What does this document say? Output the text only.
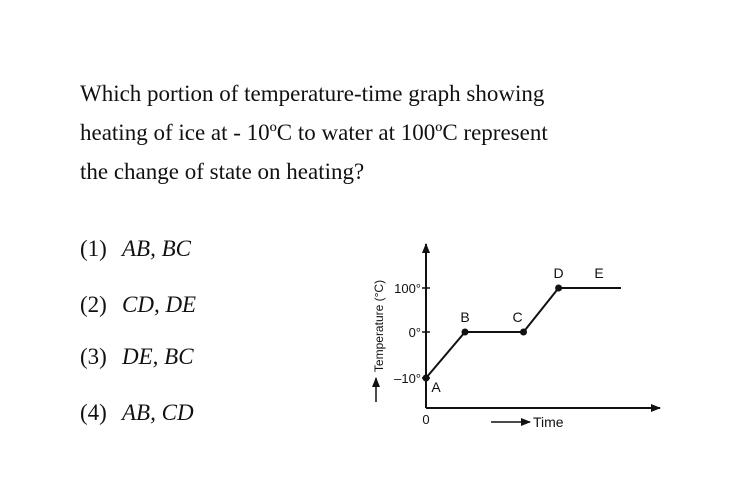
Which portion of temperature-time graph showing
heating of ice at - 10ºC to water at 100ºC represent
the change of state on heating?
(1) AB, BC
(2) CD, DE
(3) DE, BC
(4) AB, CD	0
Temperature (°C)
Time
100°
0°
–10°
A
B	C
D E
